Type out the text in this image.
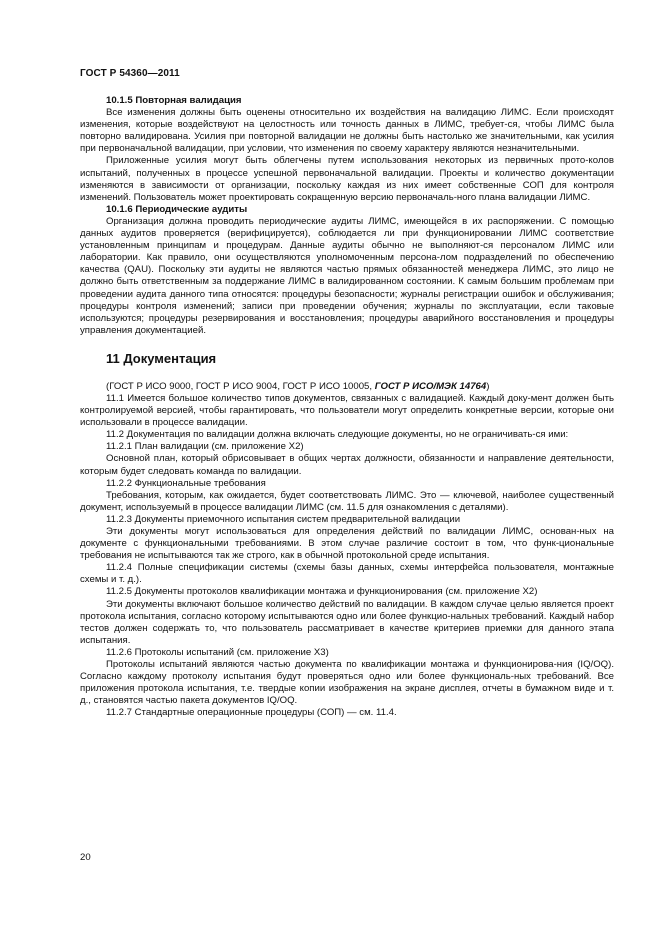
ГОСТ Р 54360—2011
10.1.5 Повторная валидация

Все изменения должны быть оценены относительно их воздействия на валидацию ЛИМС. Если происходят изменения, которые воздействуют на целостность или точность данных в ЛИМС, требует-ся, чтобы ЛИМС была повторно валидирована. Усилия при повторной валидации не должны быть настолько же значительными, как усилия при первоначальной валидации, при условии, что изменения по своему характеру являются незначительными.

Приложенные усилия могут быть облегчены путем использования некоторых из первичных прото-колов испытаний, полученных в процессе успешной первоначальной валидации. Проекты и количество документации изменяются в зависимости от организации, поскольку каждая из них имеет собственные СОП для контроля изменений. Пользователь может проектировать сокращенную версию первоначаль-ного плана валидации ЛИМС.

10.1.6 Периодические аудиты

Организация должна проводить периодические аудиты ЛИМС, имеющейся в их распоряжении. С помощью данных аудитов проверяется (верифицируется), соблюдается ли при функционировании ЛИМС соответствие установленным принципам и процедурам. Данные аудиты обычно не выполняют-ся персоналом ЛИМС или лаборатории. Как правило, они осуществляются уполномоченным персона-лом подразделений по обеспечению качества (QAU). Поскольку эти аудиты не являются частью прямых обязанностей менеджера ЛИМС, это лицо не должно быть ответственным за поддержание ЛИМС в валидированном состоянии. К самым большим проблемам при проведении аудита данного типа относятся: процедуры безопасности; журналы регистрации ошибок и обслуживания; процедуры контроля изменений; записи при проведении обучения; журналы по эксплуатации, если таковые используются; процедуры резервирования и восстановления; процедуры аварийного восстановления и процедуры управления документацией.

11 Документация

(ГОСТ Р ИСО 9000, ГОСТ Р ИСО 9004, ГОСТ Р ИСО 10005, ГОСТ Р ИСО/МЭК 14764)

11.1 Имеется большое количество типов документов, связанных с валидацией. Каждый доку-мент должен быть контролируемой версией, чтобы гарантировать, что пользователи могут определить конкретные версии, которые они использовали в процессе валидации.

11.2 Документация по валидации должна включать следующие документы, но не ограничивать-ся ими:

11.2.1 План валидации (см. приложение Х2)

Основной план, который обрисовывает в общих чертах должности, обязанности и направление деятельности, которым будет следовать команда по валидации.

11.2.2 Функциональные требования

Требования, которым, как ожидается, будет соответствовать ЛИМС. Это — ключевой, наиболее существенный документ, используемый в процессе валидации ЛИМС (см. 11.5 для ознакомления с деталями).

11.2.3 Документы приемочного испытания систем предварительной валидации

Эти документы могут использоваться для определения действий по валидации ЛИМС, основан-ных на документе с функциональными требованиями. В этом случае различие состоит в том, что функ-циональные требования не испытываются так же строго, как в обычной протокольной среде испытания.

11.2.4 Полные спецификации системы (схемы базы данных, схемы интерфейса пользователя, монтажные схемы и т. д.).

11.2.5 Документы протоколов квалификации монтажа и функционирования (см. приложение Х2)

Эти документы включают большое количество действий по валидации. В каждом случае целью является проект протокола испытания, согласно которому испытываются одно или более функцио-нальных требований. Каждый набор тестов должен содержать то, что пользователь рассматривает в качестве критериев приемки для данного этапа испытания.

11.2.6 Протоколы испытаний (см. приложение Х3)

Протоколы испытаний являются частью документа по квалификации монтажа и функционирова-ния (IQ/OQ). Согласно каждому протоколу испытания будут проверяться одно или более функциональ-ных требований. Все приложения протокола испытания, т.е. твердые копии изображения на экране дисплея, отчеты в бумажном виде и т. д., становятся частью пакета документов IQ/OQ.

11.2.7 Стандартные операционные процедуры (СОП) — см. 11.4.

20
